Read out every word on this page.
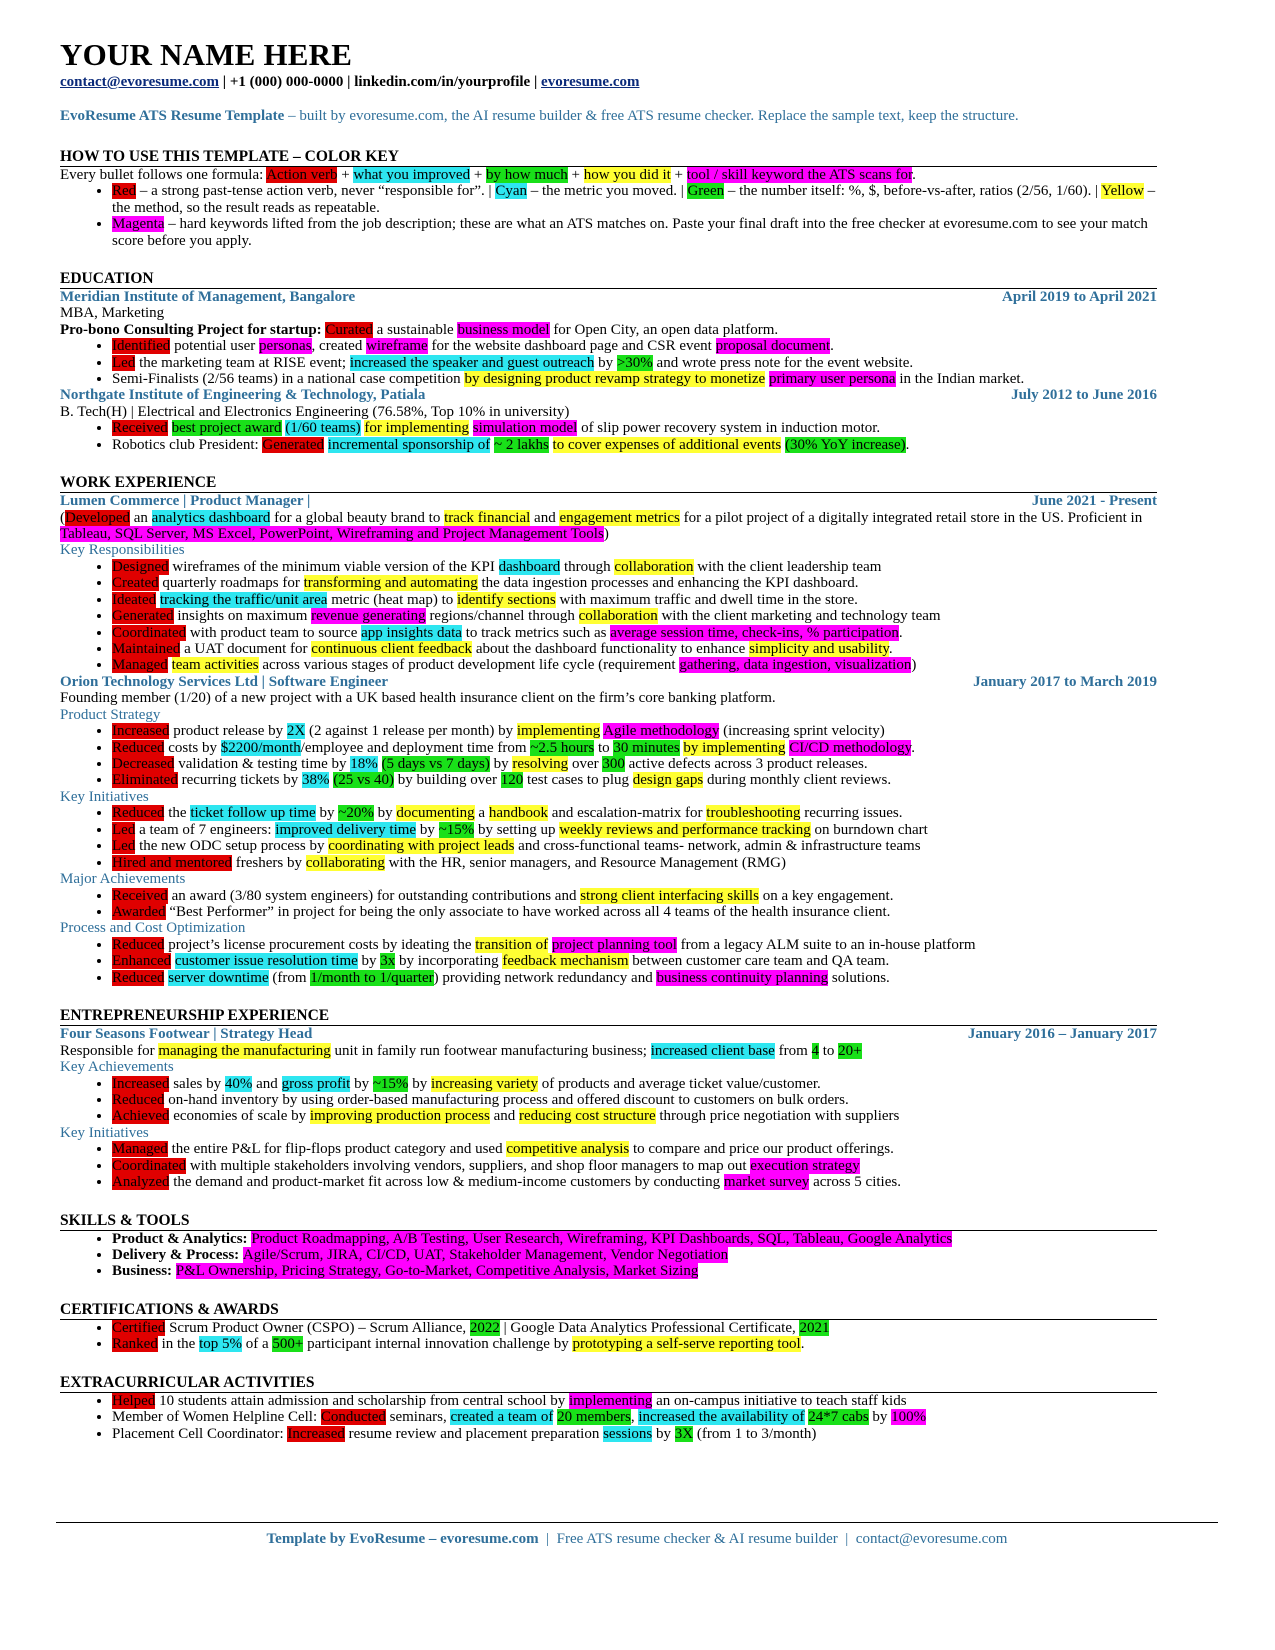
YOUR NAME HERE
contact@evoresume.com | +1 (000) 000-0000 | linkedin.com/in/yourprofile | evoresume.com
EvoResume ATS Resume Template – built by evoresume.com, the AI resume builder & free ATS resume checker. Replace the sample text, keep the structure.
HOW TO USE THIS TEMPLATE – COLOR KEY
Every bullet follows one formula: Action verb + what you improved + by how much + how you did it + tool / skill keyword the ATS scans for.
• Red – a strong past-tense action verb, never “responsible for”. | Cyan – the metric you moved. | Green – the number itself: %, $, before-vs-after, ratios (2/56, 1/60). | Yellow – the method, so the result reads as repeatable.
• Magenta – hard keywords lifted from the job description; these are what an ATS matches on. Paste your final draft into the free checker at evoresume.com to see your match score before you apply.
EDUCATION
Meridian Institute of Management, Bangalore	April 2019 to April 2021
MBA, Marketing
Pro-bono Consulting Project for startup: Curated a sustainable business model for Open City, an open data platform.
• Identified potential user personas, created wireframe for the website dashboard page and CSR event proposal document.
• Led the marketing team at RISE event; increased the speaker and guest outreach by >30% and wrote press note for the event website.
• Semi-Finalists (2/56 teams) in a national case competition by designing product revamp strategy to monetize primary user persona in the Indian market.
Northgate Institute of Engineering & Technology, Patiala	July 2012 to June 2016
B. Tech(H) | Electrical and Electronics Engineering (76.58%, Top 10% in university)
• Received best project award (1/60 teams) for implementing simulation model of slip power recovery system in induction motor.
• Robotics club President: Generated incremental sponsorship of ~ 2 lakhs to cover expenses of additional events (30% YoY increase).
WORK EXPERIENCE
Lumen Commerce | Product Manager |	June 2021 - Present
(Developed an analytics dashboard for a global beauty brand to track financial and engagement metrics for a pilot project of a digitally integrated retail store in the US. Proficient in Tableau, SQL Server, MS Excel, PowerPoint, Wireframing and Project Management Tools)
Key Responsibilities
• Designed wireframes of the minimum viable version of the KPI dashboard through collaboration with the client leadership team
• Created quarterly roadmaps for transforming and automating the data ingestion processes and enhancing the KPI dashboard.
• Ideated tracking the traffic/unit area metric (heat map) to identify sections with maximum traffic and dwell time in the store.
• Generated insights on maximum revenue generating regions/channel through collaboration with the client marketing and technology team
• Coordinated with product team to source app insights data to track metrics such as average session time, check-ins, % participation.
• Maintained a UAT document for continuous client feedback about the dashboard functionality to enhance simplicity and usability.
• Managed team activities across various stages of product development life cycle (requirement gathering, data ingestion, visualization)
Orion Technology Services Ltd | Software Engineer	January 2017 to March 2019
Founding member (1/20) of a new project with a UK based health insurance client on the firm’s core banking platform.
Product Strategy
• Increased product release by 2X (2 against 1 release per month) by implementing Agile methodology (increasing sprint velocity)
• Reduced costs by $2200/month/employee and deployment time from ~2.5 hours to 30 minutes by implementing CI/CD methodology.
• Decreased validation & testing time by 18% (5 days vs 7 days) by resolving over 300 active defects across 3 product releases.
• Eliminated recurring tickets by 38% (25 vs 40) by building over 120 test cases to plug design gaps during monthly client reviews.
Key Initiatives
• Reduced the ticket follow up time by ~20% by documenting a handbook and escalation-matrix for troubleshooting recurring issues.
• Led a team of 7 engineers: improved delivery time by ~15% by setting up weekly reviews and performance tracking on burndown chart
• Led the new ODC setup process by coordinating with project leads and cross-functional teams- network, admin & infrastructure teams
• Hired and mentored freshers by collaborating with the HR, senior managers, and Resource Management (RMG)
Major Achievements
• Received an award (3/80 system engineers) for outstanding contributions and strong client interfacing skills on a key engagement.
• Awarded “Best Performer” in project for being the only associate to have worked across all 4 teams of the health insurance client.
Process and Cost Optimization
• Reduced project’s license procurement costs by ideating the transition of project planning tool from a legacy ALM suite to an in-house platform
• Enhanced customer issue resolution time by 3x by incorporating feedback mechanism between customer care team and QA team.
• Reduced server downtime (from 1/month to 1/quarter) providing network redundancy and business continuity planning solutions.
ENTREPRENEURSHIP EXPERIENCE
Four Seasons Footwear | Strategy Head	January 2016 – January 2017
Responsible for managing the manufacturing unit in family run footwear manufacturing business; increased client base from 4 to 20+
Key Achievements
• Increased sales by 40% and gross profit by ~15% by increasing variety of products and average ticket value/customer.
• Reduced on-hand inventory by using order-based manufacturing process and offered discount to customers on bulk orders.
• Achieved economies of scale by improving production process and reducing cost structure through price negotiation with suppliers
Key Initiatives
• Managed the entire P&L for flip-flops product category and used competitive analysis to compare and price our product offerings.
• Coordinated with multiple stakeholders involving vendors, suppliers, and shop floor managers to map out execution strategy
• Analyzed the demand and product-market fit across low & medium-income customers by conducting market survey across 5 cities.
SKILLS & TOOLS
• Product & Analytics: Product Roadmapping, A/B Testing, User Research, Wireframing, KPI Dashboards, SQL, Tableau, Google Analytics
• Delivery & Process: Agile/Scrum, JIRA, CI/CD, UAT, Stakeholder Management, Vendor Negotiation
• Business: P&L Ownership, Pricing Strategy, Go-to-Market, Competitive Analysis, Market Sizing
CERTIFICATIONS & AWARDS
• Certified Scrum Product Owner (CSPO) – Scrum Alliance, 2022 | Google Data Analytics Professional Certificate, 2021
• Ranked in the top 5% of a 500+ participant internal innovation challenge by prototyping a self-serve reporting tool.
EXTRACURRICULAR ACTIVITIES
• Helped 10 students attain admission and scholarship from central school by implementing an on-campus initiative to teach staff kids
• Member of Women Helpline Cell: Conducted seminars, created a team of 20 members, increased the availability of 24*7 cabs by 100%
• Placement Cell Coordinator: Increased resume review and placement preparation sessions by 3X (from 1 to 3/month)
Template by EvoResume – evoresume.com  |  Free ATS resume checker & AI resume builder  |  contact@evoresume.com
